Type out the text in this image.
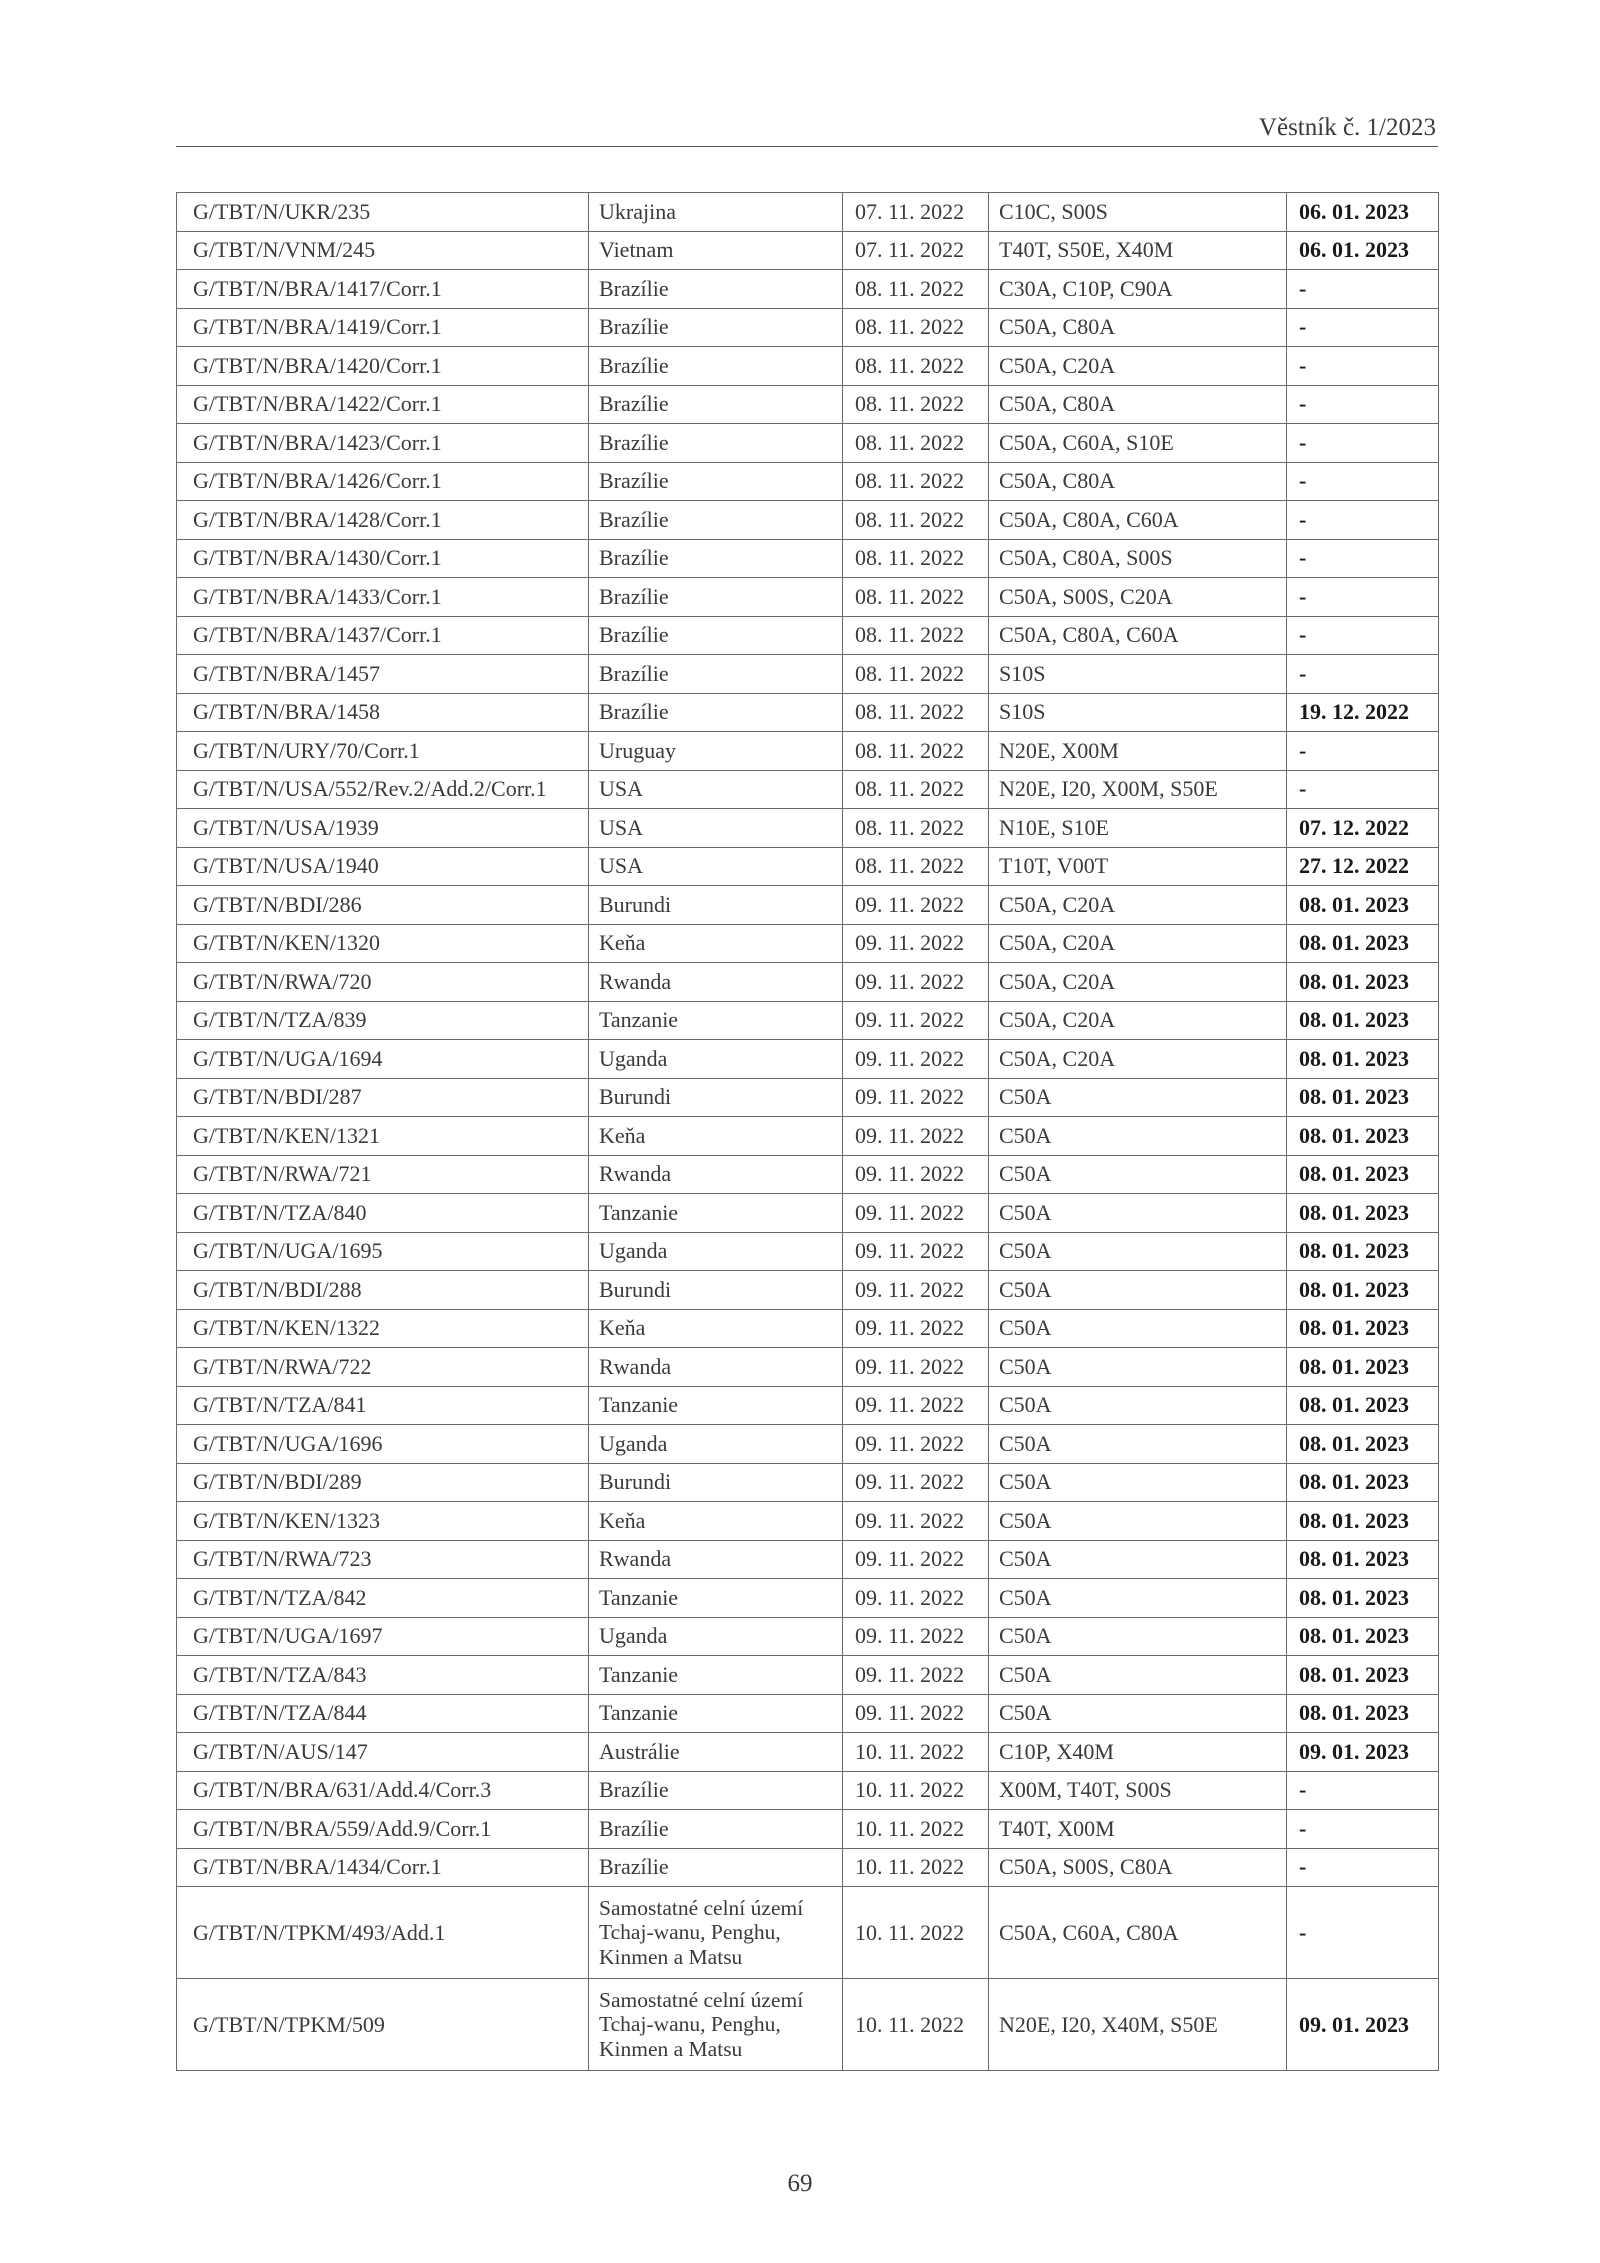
Věstník č. 1/2023
G/TBT/N/UKR/235	Ukrajina	07. 11. 2022	C10C, S00S	06. 01. 2023
G/TBT/N/VNM/245	Vietnam	07. 11. 2022	T40T, S50E, X40M	06. 01. 2023
G/TBT/N/BRA/1417/Corr.1	Brazílie	08. 11. 2022	C30A, C10P, C90A	-
G/TBT/N/BRA/1419/Corr.1	Brazílie	08. 11. 2022	C50A, C80A	-
G/TBT/N/BRA/1420/Corr.1	Brazílie	08. 11. 2022	C50A, C20A	-
G/TBT/N/BRA/1422/Corr.1	Brazílie	08. 11. 2022	C50A, C80A	-
G/TBT/N/BRA/1423/Corr.1	Brazílie	08. 11. 2022	C50A, C60A, S10E	-
G/TBT/N/BRA/1426/Corr.1	Brazílie	08. 11. 2022	C50A, C80A	-
G/TBT/N/BRA/1428/Corr.1	Brazílie	08. 11. 2022	C50A, C80A, C60A	-
G/TBT/N/BRA/1430/Corr.1	Brazílie	08. 11. 2022	C50A, C80A, S00S	-
G/TBT/N/BRA/1433/Corr.1	Brazílie	08. 11. 2022	C50A, S00S, C20A	-
G/TBT/N/BRA/1437/Corr.1	Brazílie	08. 11. 2022	C50A, C80A, C60A	-
G/TBT/N/BRA/1457	Brazílie	08. 11. 2022	S10S	-
G/TBT/N/BRA/1458	Brazílie	08. 11. 2022	S10S	19. 12. 2022
G/TBT/N/URY/70/Corr.1	Uruguay	08. 11. 2022	N20E, X00M	-
G/TBT/N/USA/552/Rev.2/Add.2/Corr.1	USA	08. 11. 2022	N20E, I20, X00M, S50E	-
G/TBT/N/USA/1939	USA	08. 11. 2022	N10E, S10E	07. 12. 2022
G/TBT/N/USA/1940	USA	08. 11. 2022	T10T, V00T	27. 12. 2022
G/TBT/N/BDI/286	Burundi	09. 11. 2022	C50A, C20A	08. 01. 2023
G/TBT/N/KEN/1320	Keňa	09. 11. 2022	C50A, C20A	08. 01. 2023
G/TBT/N/RWA/720	Rwanda	09. 11. 2022	C50A, C20A	08. 01. 2023
G/TBT/N/TZA/839	Tanzanie	09. 11. 2022	C50A, C20A	08. 01. 2023
G/TBT/N/UGA/1694	Uganda	09. 11. 2022	C50A, C20A	08. 01. 2023
G/TBT/N/BDI/287	Burundi	09. 11. 2022	C50A	08. 01. 2023
G/TBT/N/KEN/1321	Keňa	09. 11. 2022	C50A	08. 01. 2023
G/TBT/N/RWA/721	Rwanda	09. 11. 2022	C50A	08. 01. 2023
G/TBT/N/TZA/840	Tanzanie	09. 11. 2022	C50A	08. 01. 2023
G/TBT/N/UGA/1695	Uganda	09. 11. 2022	C50A	08. 01. 2023
G/TBT/N/BDI/288	Burundi	09. 11. 2022	C50A	08. 01. 2023
G/TBT/N/KEN/1322	Keňa	09. 11. 2022	C50A	08. 01. 2023
G/TBT/N/RWA/722	Rwanda	09. 11. 2022	C50A	08. 01. 2023
G/TBT/N/TZA/841	Tanzanie	09. 11. 2022	C50A	08. 01. 2023
G/TBT/N/UGA/1696	Uganda	09. 11. 2022	C50A	08. 01. 2023
G/TBT/N/BDI/289	Burundi	09. 11. 2022	C50A	08. 01. 2023
G/TBT/N/KEN/1323	Keňa	09. 11. 2022	C50A	08. 01. 2023
G/TBT/N/RWA/723	Rwanda	09. 11. 2022	C50A	08. 01. 2023
G/TBT/N/TZA/842	Tanzanie	09. 11. 2022	C50A	08. 01. 2023
G/TBT/N/UGA/1697	Uganda	09. 11. 2022	C50A	08. 01. 2023
G/TBT/N/TZA/843	Tanzanie	09. 11. 2022	C50A	08. 01. 2023
G/TBT/N/TZA/844	Tanzanie	09. 11. 2022	C50A	08. 01. 2023
G/TBT/N/AUS/147	Austrálie	10. 11. 2022	C10P, X40M	09. 01. 2023
G/TBT/N/BRA/631/Add.4/Corr.3	Brazílie	10. 11. 2022	X00M, T40T, S00S	-
G/TBT/N/BRA/559/Add.9/Corr.1	Brazílie	10. 11. 2022	T40T, X00M	-
G/TBT/N/BRA/1434/Corr.1	Brazílie	10. 11. 2022	C50A, S00S, C80A	-
G/TBT/N/TPKM/493/Add.1	Samostatné celní území Tchaj-wanu, Penghu, Kinmen a Matsu	10. 11. 2022	C50A, C60A, C80A	-
G/TBT/N/TPKM/509	Samostatné celní území Tchaj-wanu, Penghu, Kinmen a Matsu	10. 11. 2022	N20E, I20, X40M, S50E	09. 01. 2023
69
